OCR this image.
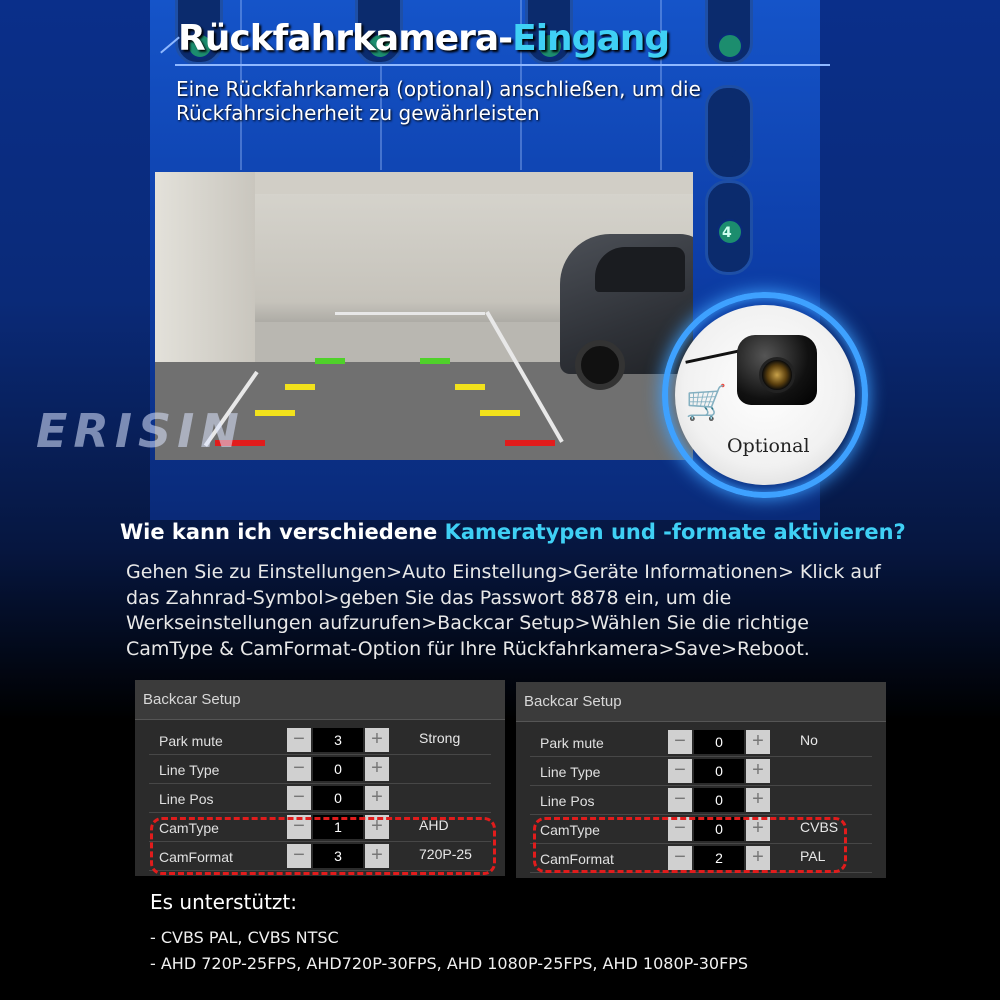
4
Rückfahrkamera-Eingang
Eine Rückfahrkamera (optional) anschließen, um die Rückfahrsicherheit zu gewährleisten
ERISIN
🛒
Optional
Wie kann ich verschiedene Kameratypen und -formate aktivieren?
Gehen Sie zu Einstellungen>Auto Einstellung>Geräte Informationen> Klick auf das Zahnrad-Symbol>geben Sie das Passwort 8878 ein, um die Werkseinstellungen aufzurufen>Backcar Setup>Wählen Sie die richtige CamType & CamFormat-Option für Ihre Rückfahrkamera>Save>Reboot.
Backcar Setup
Park mute	−	3	+	Strong
Line Type	−	0	+
Line Pos	−	0	+
CamType	−	1	+	AHD
CamFormat	−	3	+	720P-25
Backcar Setup
Park mute	−	0	+	No
Line Type	−	0	+
Line Pos	−	0	+
CamType	−	0	+	CVBS
CamFormat	−	2	+	PAL
Es unterstützt:
- CVBS PAL, CVBS NTSC
- AHD 720P-25FPS, AHD720P-30FPS, AHD 1080P-25FPS, AHD 1080P-30FPS
